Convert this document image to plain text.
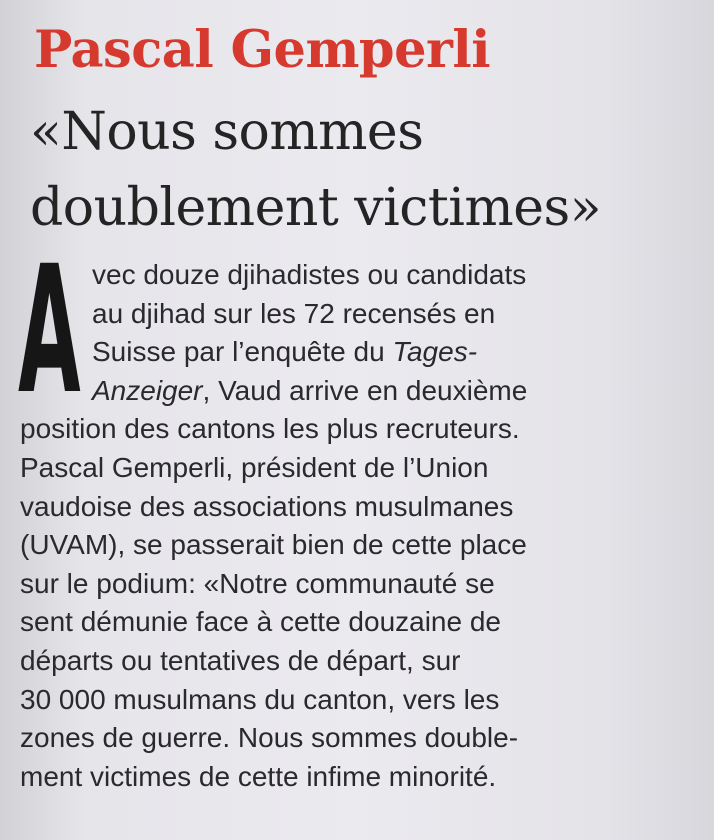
Pascal Gemperli
«Nous sommes
doublement victimes»
A vec douze djihadistes ou candidats
au djihad sur les 72 recensés en
Suisse par l’enquête du Tages-
Anzeiger, Vaud arrive en deuxième
position des cantons les plus recruteurs.
Pascal Gemperli, président de l’Union
vaudoise des associations musulmanes
(UVAM), se passerait bien de cette place
sur le podium: «Notre communauté se
sent démunie face à cette douzaine de
départs ou tentatives de départ, sur
30 000 musulmans du canton, vers les
zones de guerre. Nous sommes double-
ment victimes de cette infime minorité.
